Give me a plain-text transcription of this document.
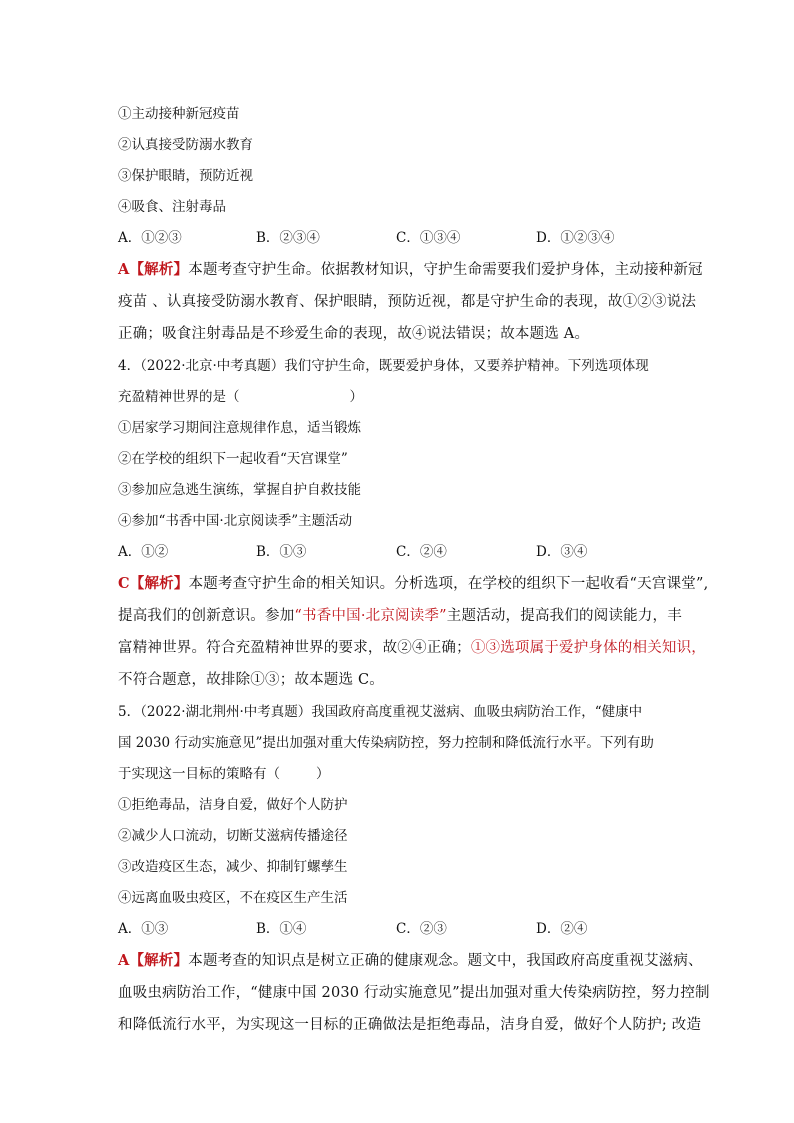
①主动接种新冠疫苗
②认真接受防溺水教育
③保护眼睛，预防近视
④吸食、注射毒品
A．①②③	B．②③④	C．①③④	D．①②③④
A【解析】本题考查守护生命。依据教材知识，守护生命需要我们爱护身体，主动接种新冠
疫苗 、认真接受防溺水教育、保护眼睛，预防近视，都是守护生命的表现，故①②③说法
正确；吸食注射毒品是不珍爱生命的表现，故④说法错误；故本题选 A。
4．（2022·北京·中考真题）我们守护生命，既要爱护身体，又要养护精神。下列选项体现
充盈精神世界的是（	）
①居家学习期间注意规律作息，适当锻炼
②在学校的组织下一起收看“天宫课堂”
③参加应急逃生演练，掌握自护自救技能
④参加“书香中国·北京阅读季”主题活动
A．①②	B．①③	C．②④	D．③④
C【解析】本题考查守护生命的相关知识。分析选项，在学校的组织下一起收看“天宫课堂”,
提高我们的创新意识。参加“书香中国·北京阅读季”主题活动，提高我们的阅读能力，丰
富精神世界。符合充盈精神世界的要求，故②④正确；①③选项属于爱护身体的相关知识，
不符合题意，故排除①③；故本题选 C。
5．（2022·湖北荆州·中考真题）我国政府高度重视艾滋病、血吸虫病防治工作，“健康中
国 2030 行动实施意见”提出加强对重大传染病防控，努力控制和降低流行水平。下列有助
于实现这一目标的策略有（	）
①拒绝毒品，洁身自爱，做好个人防护
②减少人口流动，切断艾滋病传播途径
③改造疫区生态，减少、抑制钉螺孳生
④远离血吸虫疫区，不在疫区生产生活
A．①③	B．①④	C．②③	D．②④
A【解析】本题考查的知识点是树立正确的健康观念。题文中，我国政府高度重视艾滋病、
血吸虫病防治工作，“健康中国 2030 行动实施意见”提出加强对重大传染病防控，努力控制
和降低流行水平，为实现这一目标的正确做法是拒绝毒品，洁身自爱，做好个人防护; 改造
